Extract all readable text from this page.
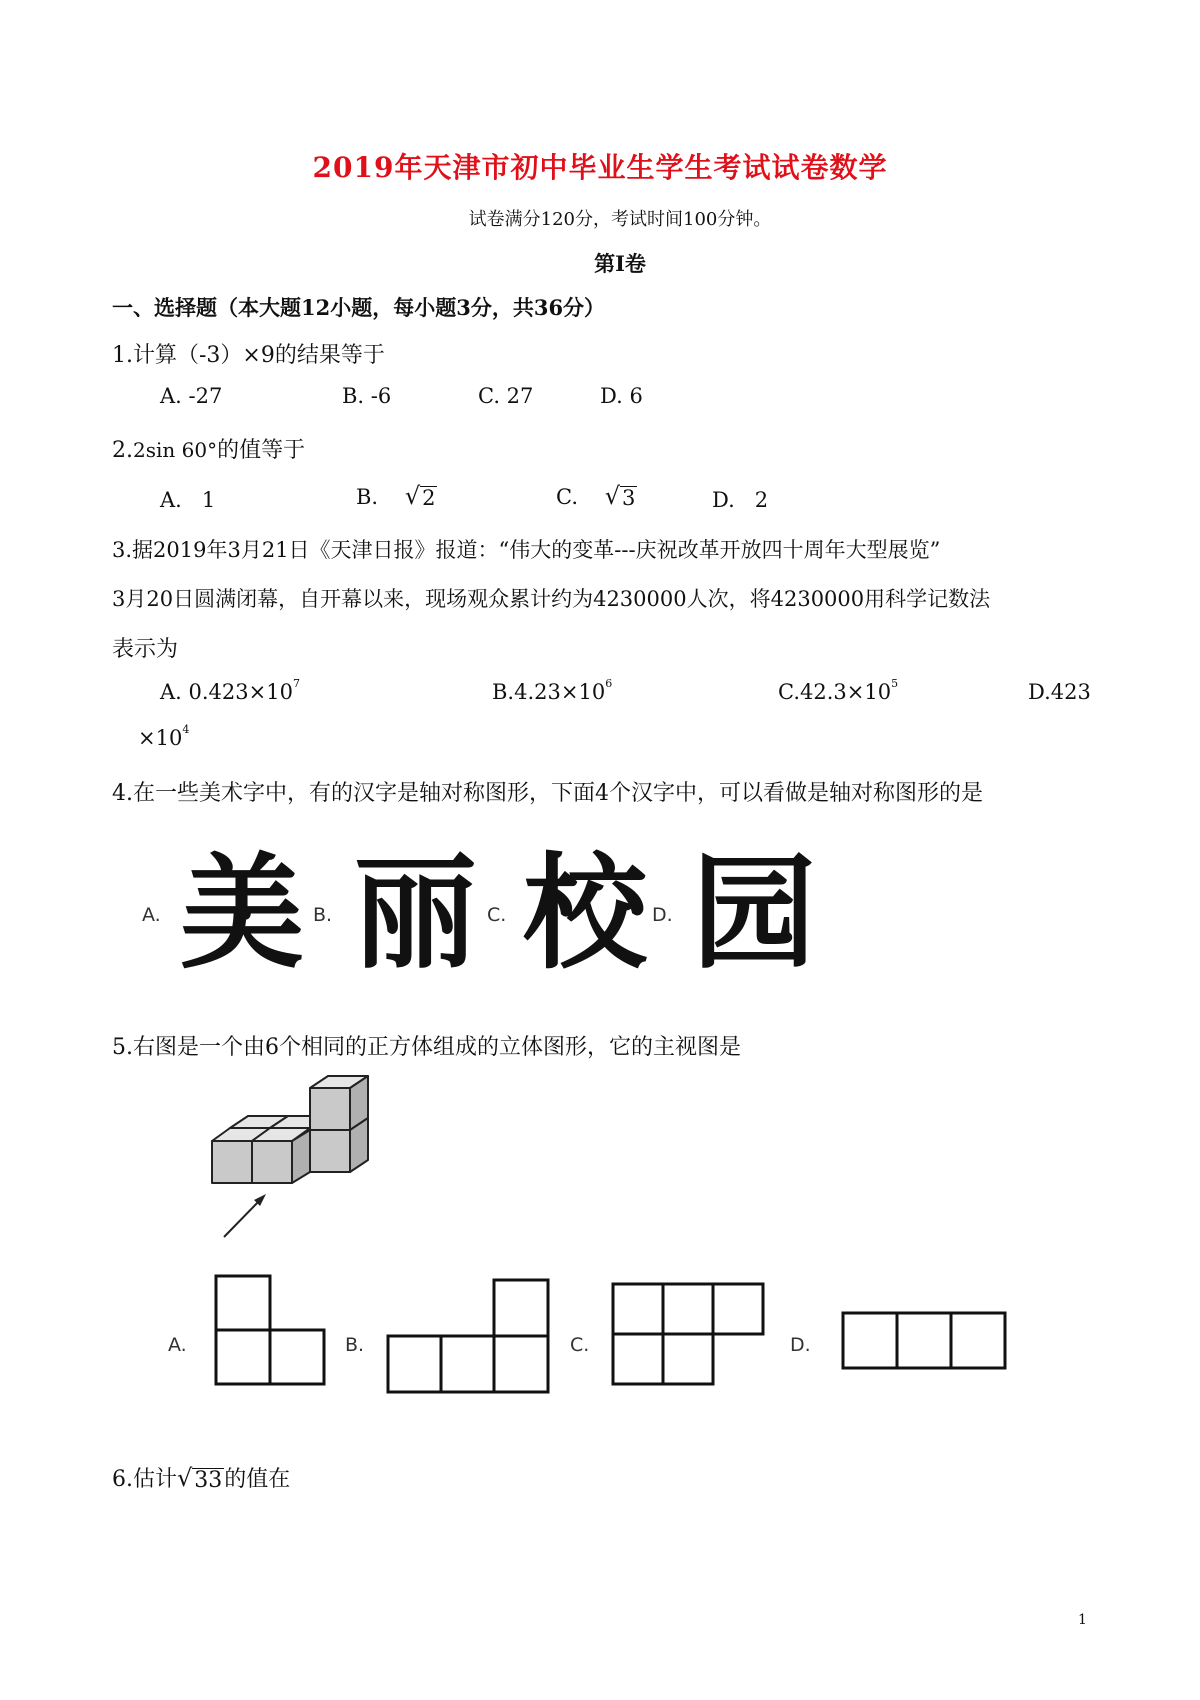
2019年天津市初中毕业生学生考试试卷数学
试卷满分120分，考试时间100分钟。
第I卷
一、选择题（本大题12小题，每小题3分，共36分）
1.计算（-3）×9的结果等于
A. -27	B. -6	C. 27	D. 6
2.2sin 60°的值等于
A. 1	B. √ 2	C. √ 3	D. 2
3.据2019年3月21日《天津日报》报道：“伟大的变革---庆祝改革开放四十周年大型展览”
3月20日圆满闭幕，自开幕以来，现场观众累计约为4230000人次，将4230000用科学记数法
表示为
A. $0.423\times 10^7$	$B.4.23\times 10^6$	$C.42.3\times 10^5$	D.423
$\times 10^4$
4.在一些美术字中，有的汉字是轴对称图形，下面4个汉字中，可以看做是轴对称图形的是
A. 美 B. 丽 C. 校 D. 园
5.右图是一个由6个相同的正方体组成的立体图形，它的主视图是
A.	B.	C.	D.
6.估计 √ 33 的值在
1
